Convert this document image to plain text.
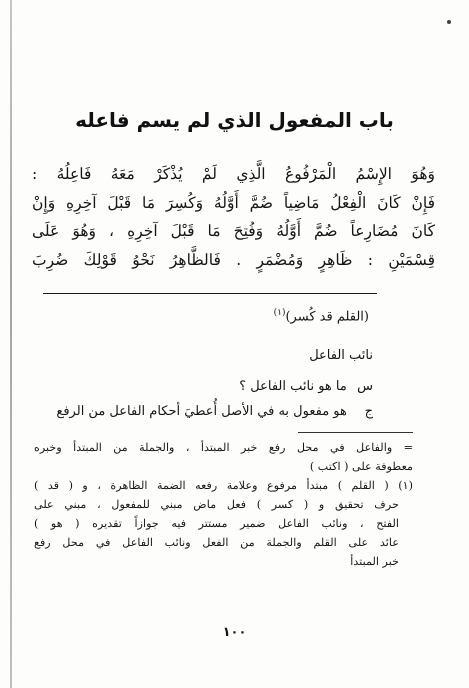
باب المفعول الذي لم يسم فاعله
وَهُوَ الإِسْمُ الْمَرْفُوعُ الَّذِي لَمْ يُذْكَرْ مَعَهُ فَاعِلُهُ :
فَإِنْ كَانَ الْفِعْلُ مَاضِياً ضُمَّ أَوَّلُهُ وَكُسِرَ مَا قَبْلَ آخِرِهِ وَإِنْ
كَانَ مُضَارِعاً ضُمَّ أَوَّلُهُ وَفُتِحَ مَا قَبْلَ آخِرِهِ ، وَهُوَ عَلَى
قِسْمَيْنِ : ظَاهِرٍ وَمُضْمَرٍ . فَالظَّاهِرُ نَحْوُ قَوْلِكَ ضُرِبَ
(القلم قد كُسر)$^{(١)}$
نائب الفاعل
س ما هو نائب الفاعل ؟
ج هو مفعول به في الأصل أُعطيَ أحكام الفاعل من الرفع
= والفاعل في محل رفع خبر المبتدأ ، والجملة من المبتدأ وخبره
معطوفة على ( اكتب )
(١) ( القلم ) مبتدأ مرفوع وعلامة رفعه الضمة الظاهرة ، و ( قد )
حرف تحقيق و ( كسر ) فعل ماض مبني للمفعول ، مبني على
الفتح ، ونائب الفاعل ضمير مستتر فيه جوازاً تقديره ( هو )
عائد على القلم والجملة من الفعل ونائب الفاعل في محل رفع
خبر المبتدأ
١٠٠
